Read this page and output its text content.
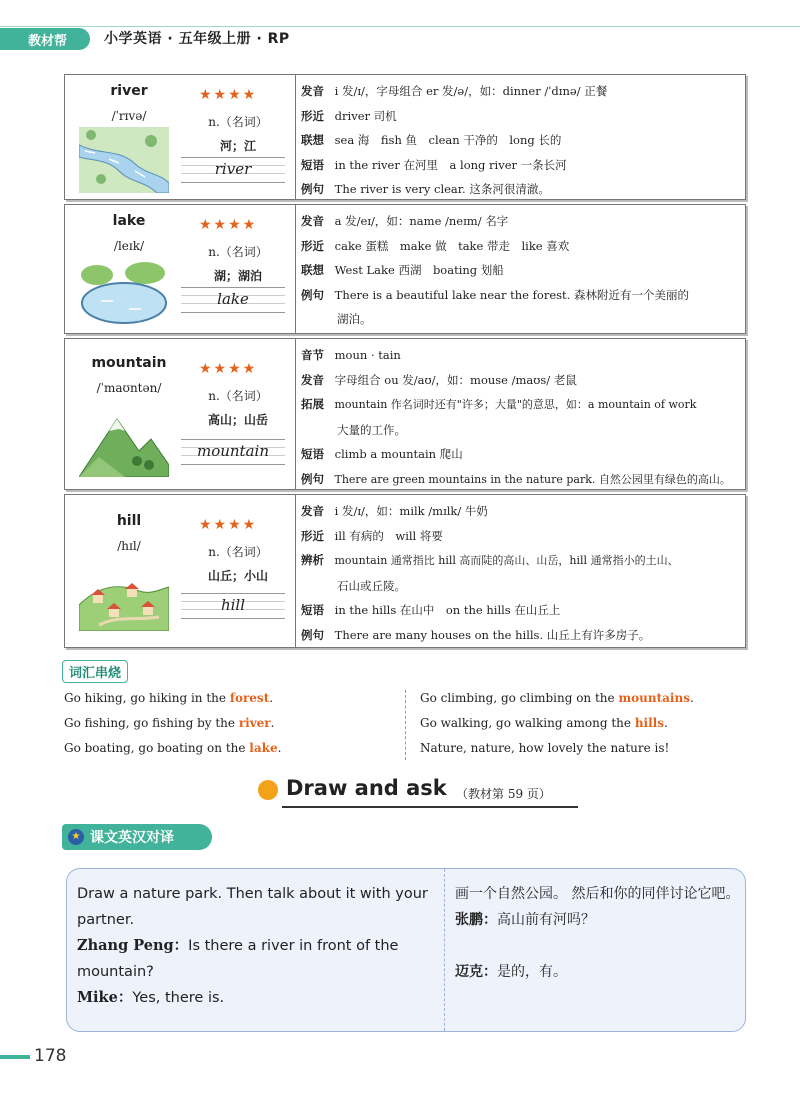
教材帮	小学英语 · 五年级上册 · RP
river
/ˈrɪvə/
★★★★
n.（名词）
河；江
river
发音 i 发/ɪ/，字母组合 er 发/ə/，如：dinner /ˈdɪnə/ 正餐
形近 driver 司机
联想 sea 海　fish 鱼　clean 干净的　long 长的
短语 in the river 在河里　a long river 一条长河
例句 The river is very clear. 这条河很清澈。
lake
/leɪk/
★★★★
n.（名词）
湖；湖泊
lake
发音 a 发/eɪ/，如：name /neɪm/ 名字
形近 cake 蛋糕　make 做　take 带走　like 喜欢
联想 West Lake 西湖　boating 划船
例句 There is a beautiful lake near the forest. 森林附近有一个美丽的
湖泊。
mountain
/ˈmaʊntən/
★★★★
n.（名词）
高山；山岳
mountain
音节 moun · tain
发音 字母组合 ou 发/aʊ/，如：mouse /maʊs/ 老鼠
拓展 mountain 作名词时还有"许多；大量"的意思，如：a mountain of work
大量的工作。
短语 climb a mountain 爬山
例句 There are green mountains in the nature park. 自然公园里有绿色的高山。
hill
/hɪl/
★★★★
n.（名词）
山丘；小山
hill
发音 i 发/ɪ/，如：milk /mɪlk/ 牛奶
形近 ill 有病的　will 将要
辨析 mountain 通常指比 hill 高而陡的高山、山岳，hill 通常指小的土山、
石山或丘陵。
短语 in the hills 在山中　on the hills 在山丘上
例句 There are many houses on the hills. 山丘上有许多房子。
词汇串烧
Go hiking, go hiking in the forest.
Go fishing, go fishing by the river.
Go boating, go boating on the lake.
Go climbing, go climbing on the mountains.
Go walking, go walking among the hills.
Nature, nature, how lovely the nature is!
Draw and ask （教材第 59 页）
★ 课文英汉对译
Draw a nature park. Then talk about it with your partner.
Zhang Peng：Is there a river in front of the mountain?
Mike：Yes, there is.
画一个自然公园。 然后和你的同伴讨论它吧。
张鹏：高山前有河吗？
迈克：是的，有。
178
